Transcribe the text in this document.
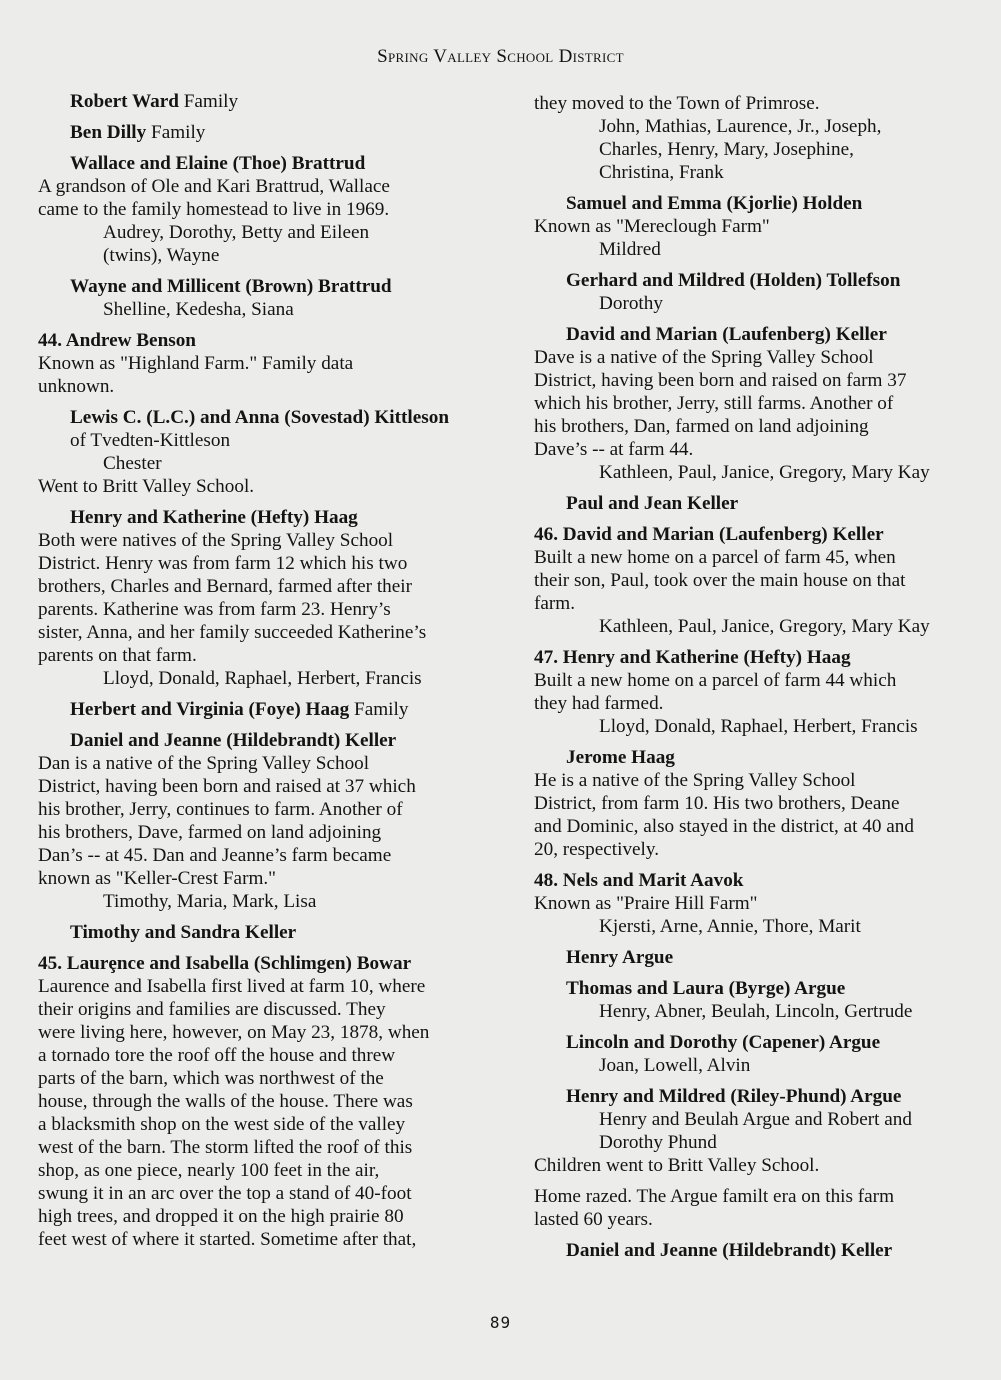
Spring Valley School District
Robert Ward Family
Ben Dilly Family
Wallace and Elaine (Thoe) Brattrud
A grandson of Ole and Kari Brattrud, Wallace
came to the family homestead to live in 1969.
Audrey, Dorothy, Betty and Eileen
(twins), Wayne
Wayne and Millicent (Brown) Brattrud
Shelline, Kedesha, Siana
44. Andrew Benson
Known as "Highland Farm." Family data
unknown.
Lewis C. (L.C.) and Anna (Sovestad) Kittleson
of Tvedten-Kittleson
Chester
Went to Britt Valley School.
Henry and Katherine (Hefty) Haag
Both were natives of the Spring Valley School
District. Henry was from farm 12 which his two
brothers, Charles and Bernard, farmed after their
parents. Katherine was from farm 23. Henry’s
sister, Anna, and her family succeeded Katherine’s
parents on that farm.
Lloyd, Donald, Raphael, Herbert, Francis
Herbert and Virginia (Foye) Haag Family
Daniel and Jeanne (Hildebrandt) Keller
Dan is a native of the Spring Valley School
District, having been born and raised at 37 which
his brother, Jerry, continues to farm. Another of
his brothers, Dave, farmed on land adjoining
Dan’s -- at 45. Dan and Jeanne’s farm became
known as "Keller-Crest Farm."
Timothy, Maria, Mark, Lisa
Timothy and Sandra Keller
45. Laurȩnce and Isabella (Schlimgen) Bowar
Laurence and Isabella first lived at farm 10, where
their origins and families are discussed. They
were living here, however, on May 23, 1878, when
a tornado tore the roof off the house and threw
parts of the barn, which was northwest of the
house, through the walls of the house. There was
a blacksmith shop on the west side of the valley
west of the barn. The storm lifted the roof of this
shop, as one piece, nearly 100 feet in the air,
swung it in an arc over the top a stand of 40-foot
high trees, and dropped it on the high prairie 80
feet west of where it started. Sometime after that,
they moved to the Town of Primrose.
John, Mathias, Laurence, Jr., Joseph,
Charles, Henry, Mary, Josephine,
Christina, Frank
Samuel and Emma (Kjorlie) Holden
Known as "Mereclough Farm"
Mildred
Gerhard and Mildred (Holden) Tollefson
Dorothy
David and Marian (Laufenberg) Keller
Dave is a native of the Spring Valley School
District, having been born and raised on farm 37
which his brother, Jerry, still farms. Another of
his brothers, Dan, farmed on land adjoining
Dave’s -- at farm 44.
Kathleen, Paul, Janice, Gregory, Mary Kay
Paul and Jean Keller
46. David and Marian (Laufenberg) Keller
Built a new home on a parcel of farm 45, when
their son, Paul, took over the main house on that
farm.
Kathleen, Paul, Janice, Gregory, Mary Kay
47. Henry and Katherine (Hefty) Haag
Built a new home on a parcel of farm 44 which
they had farmed.
Lloyd, Donald, Raphael, Herbert, Francis
Jerome Haag
He is a native of the Spring Valley School
District, from farm 10. His two brothers, Deane
and Dominic, also stayed in the district, at 40 and
20, respectively.
48. Nels and Marit Aavok
Known as "Praire Hill Farm"
Kjersti, Arne, Annie, Thore, Marit
Henry Argue
Thomas and Laura (Byrge) Argue
Henry, Abner, Beulah, Lincoln, Gertrude
Lincoln and Dorothy (Capener) Argue
Joan, Lowell, Alvin
Henry and Mildred (Riley-Phund) Argue
Henry and Beulah Argue and Robert and
Dorothy Phund
Children went to Britt Valley School.
Home razed. The Argue familt era on this farm
lasted 60 years.
Daniel and Jeanne (Hildebrandt) Keller
89
